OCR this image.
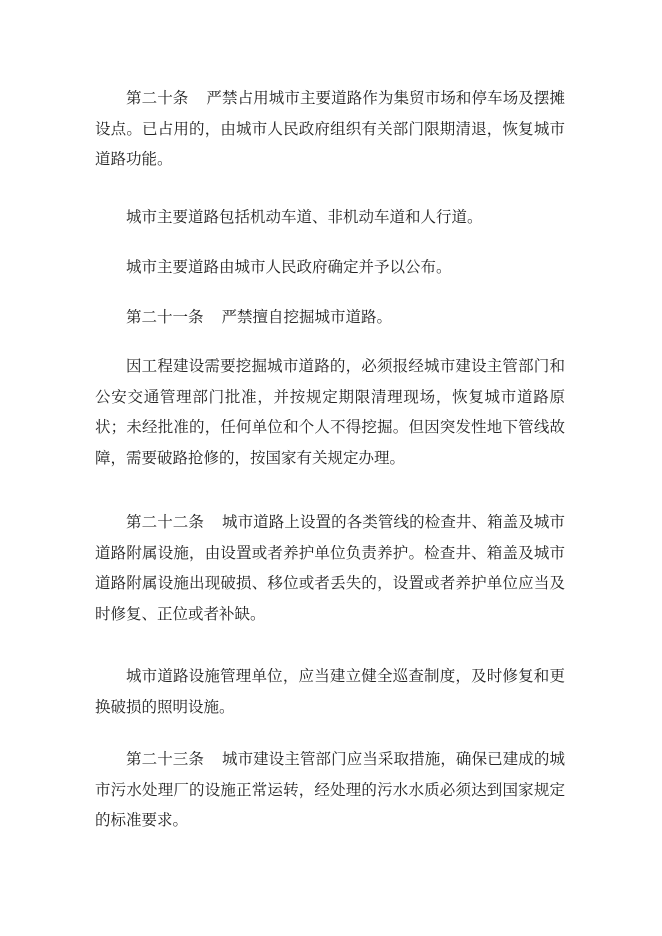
第二十条 严禁占用城市主要道路作为集贸市场和停车场及摆摊设点。已占用的，由城市人民政府组织有关部门限期清退，恢复城市道路功能。

城市主要道路包括机动车道、非机动车道和人行道。

城市主要道路由城市人民政府确定并予以公布。

第二十一条 严禁擅自挖掘城市道路。

因工程建设需要挖掘城市道路的，必须报经城市建设主管部门和公安交通管理部门批准，并按规定期限清理现场，恢复城市道路原状；未经批准的，任何单位和个人不得挖掘。但因突发性地下管线故障，需要破路抢修的，按国家有关规定办理。

第二十二条 城市道路上设置的各类管线的检查井、箱盖及城市道路附属设施，由设置或者养护单位负责养护。检查井、箱盖及城市道路附属设施出现破损、移位或者丢失的，设置或者养护单位应当及时修复、正位或者补缺。

城市道路设施管理单位，应当建立健全巡查制度，及时修复和更换破损的照明设施。

第二十三条 城市建设主管部门应当采取措施，确保已建成的城市污水处理厂的设施正常运转，经处理的污水水质必须达到国家规定的标准要求。
